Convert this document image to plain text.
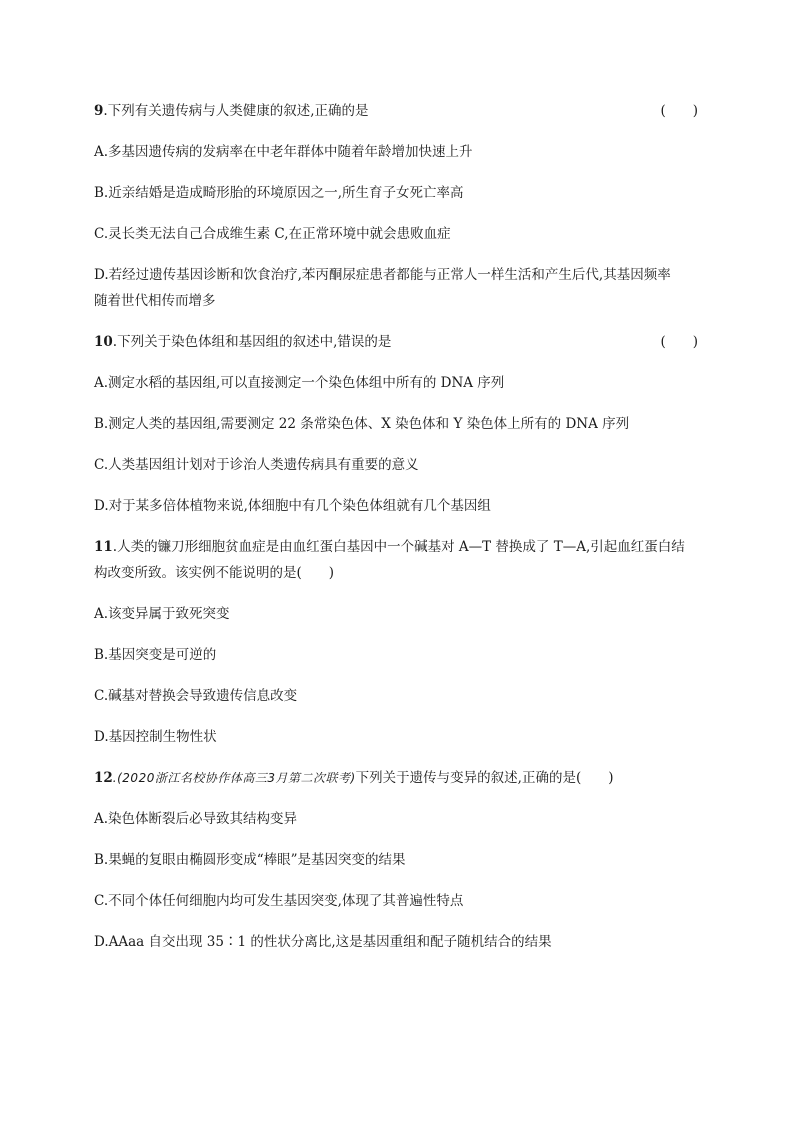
9.下列有关遗传病与人类健康的叙述,正确的是	(　　)
A.多基因遗传病的发病率在中老年群体中随着年龄增加快速上升
B.近亲结婚是造成畸形胎的环境原因之一,所生育子女死亡率高
C.灵长类无法自己合成维生素 C,在正常环境中就会患败血症
D.若经过遗传基因诊断和饮食治疗,苯丙酮尿症患者都能与正常人一样生活和产生后代,其基因频率
随着世代相传而增多
10.下列关于染色体组和基因组的叙述中,错误的是	(　　)
A.测定水稻的基因组,可以直接测定一个染色体组中所有的 DNA 序列
B.测定人类的基因组,需要测定 22 条常染色体、X 染色体和 Y 染色体上所有的 DNA 序列
C.人类基因组计划对于诊治人类遗传病具有重要的意义
D.对于某多倍体植物来说,体细胞中有几个染色体组就有几个基因组
11.人类的镰刀形细胞贫血症是由血红蛋白基因中一个碱基对 A—T 替换成了 T—A,引起血红蛋白结
构改变所致。该实例不能说明的是(　　)
A.该变异属于致死突变
B.基因突变是可逆的
C.碱基对替换会导致遗传信息改变
D.基因控制生物性状
12.(2020浙江名校协作体高三3月第二次联考)下列关于遗传与变异的叙述,正确的是(　　)
A.染色体断裂后必导致其结构变异
B.果蝇的复眼由椭圆形变成“棒眼”是基因突变的结果
C.不同个体任何细胞内均可发生基因突变,体现了其普遍性特点
D.AAaa 自交出现 35∶1 的性状分离比,这是基因重组和配子随机结合的结果
